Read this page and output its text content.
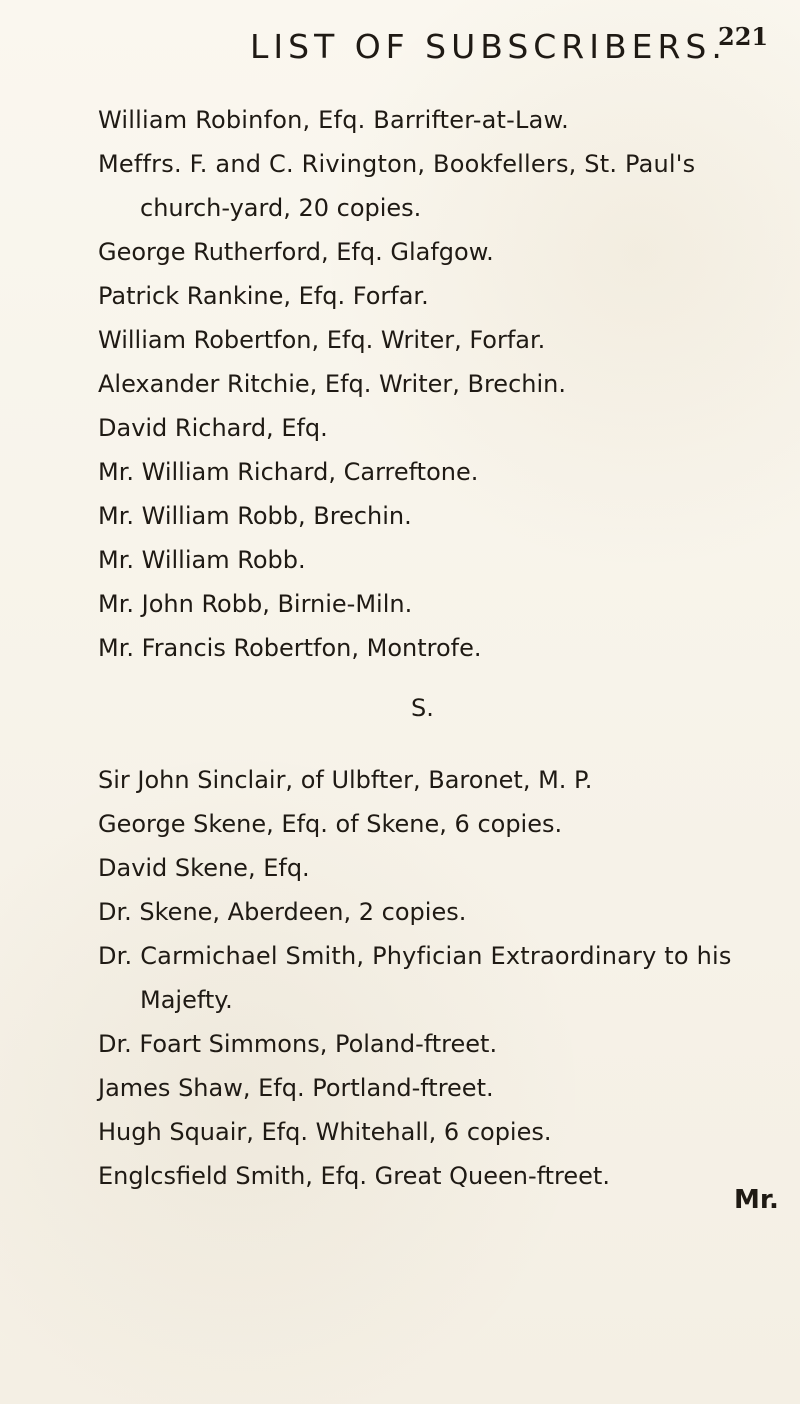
LIST OF SUBSCRIBERS.
221
William Robinfon, Efq. Barrifter-at-Law.
Meffrs. F. and C. Rivington, Bookfellers, St. Paul's
church-yard, 20 copies.
George Rutherford, Efq. Glafgow.
Patrick Rankine, Efq. Forfar.
William Robertfon, Efq. Writer, Forfar.
Alexander Ritchie, Efq. Writer, Brechin.
David Richard, Efq.
Mr. William Richard, Carreftone.
Mr. William Robb, Brechin.
Mr. William Robb.
Mr. John Robb, Birnie-Miln.
Mr. Francis Robertfon, Montrofe.
S.
Sir John Sinclair, of Ulbfter, Baronet, M. P.
George Skene, Efq. of Skene, 6 copies.
David Skene, Efq.
Dr. Skene, Aberdeen, 2 copies.
Dr. Carmichael Smith, Phyfician Extraordinary to his
Majefty.
Dr. Foart Simmons, Poland-ftreet.
James Shaw, Efq. Portland-ftreet.
Hugh Squair, Efq. Whitehall, 6 copies.
Englcsfield Smith, Efq. Great Queen-ftreet.
Mr.
